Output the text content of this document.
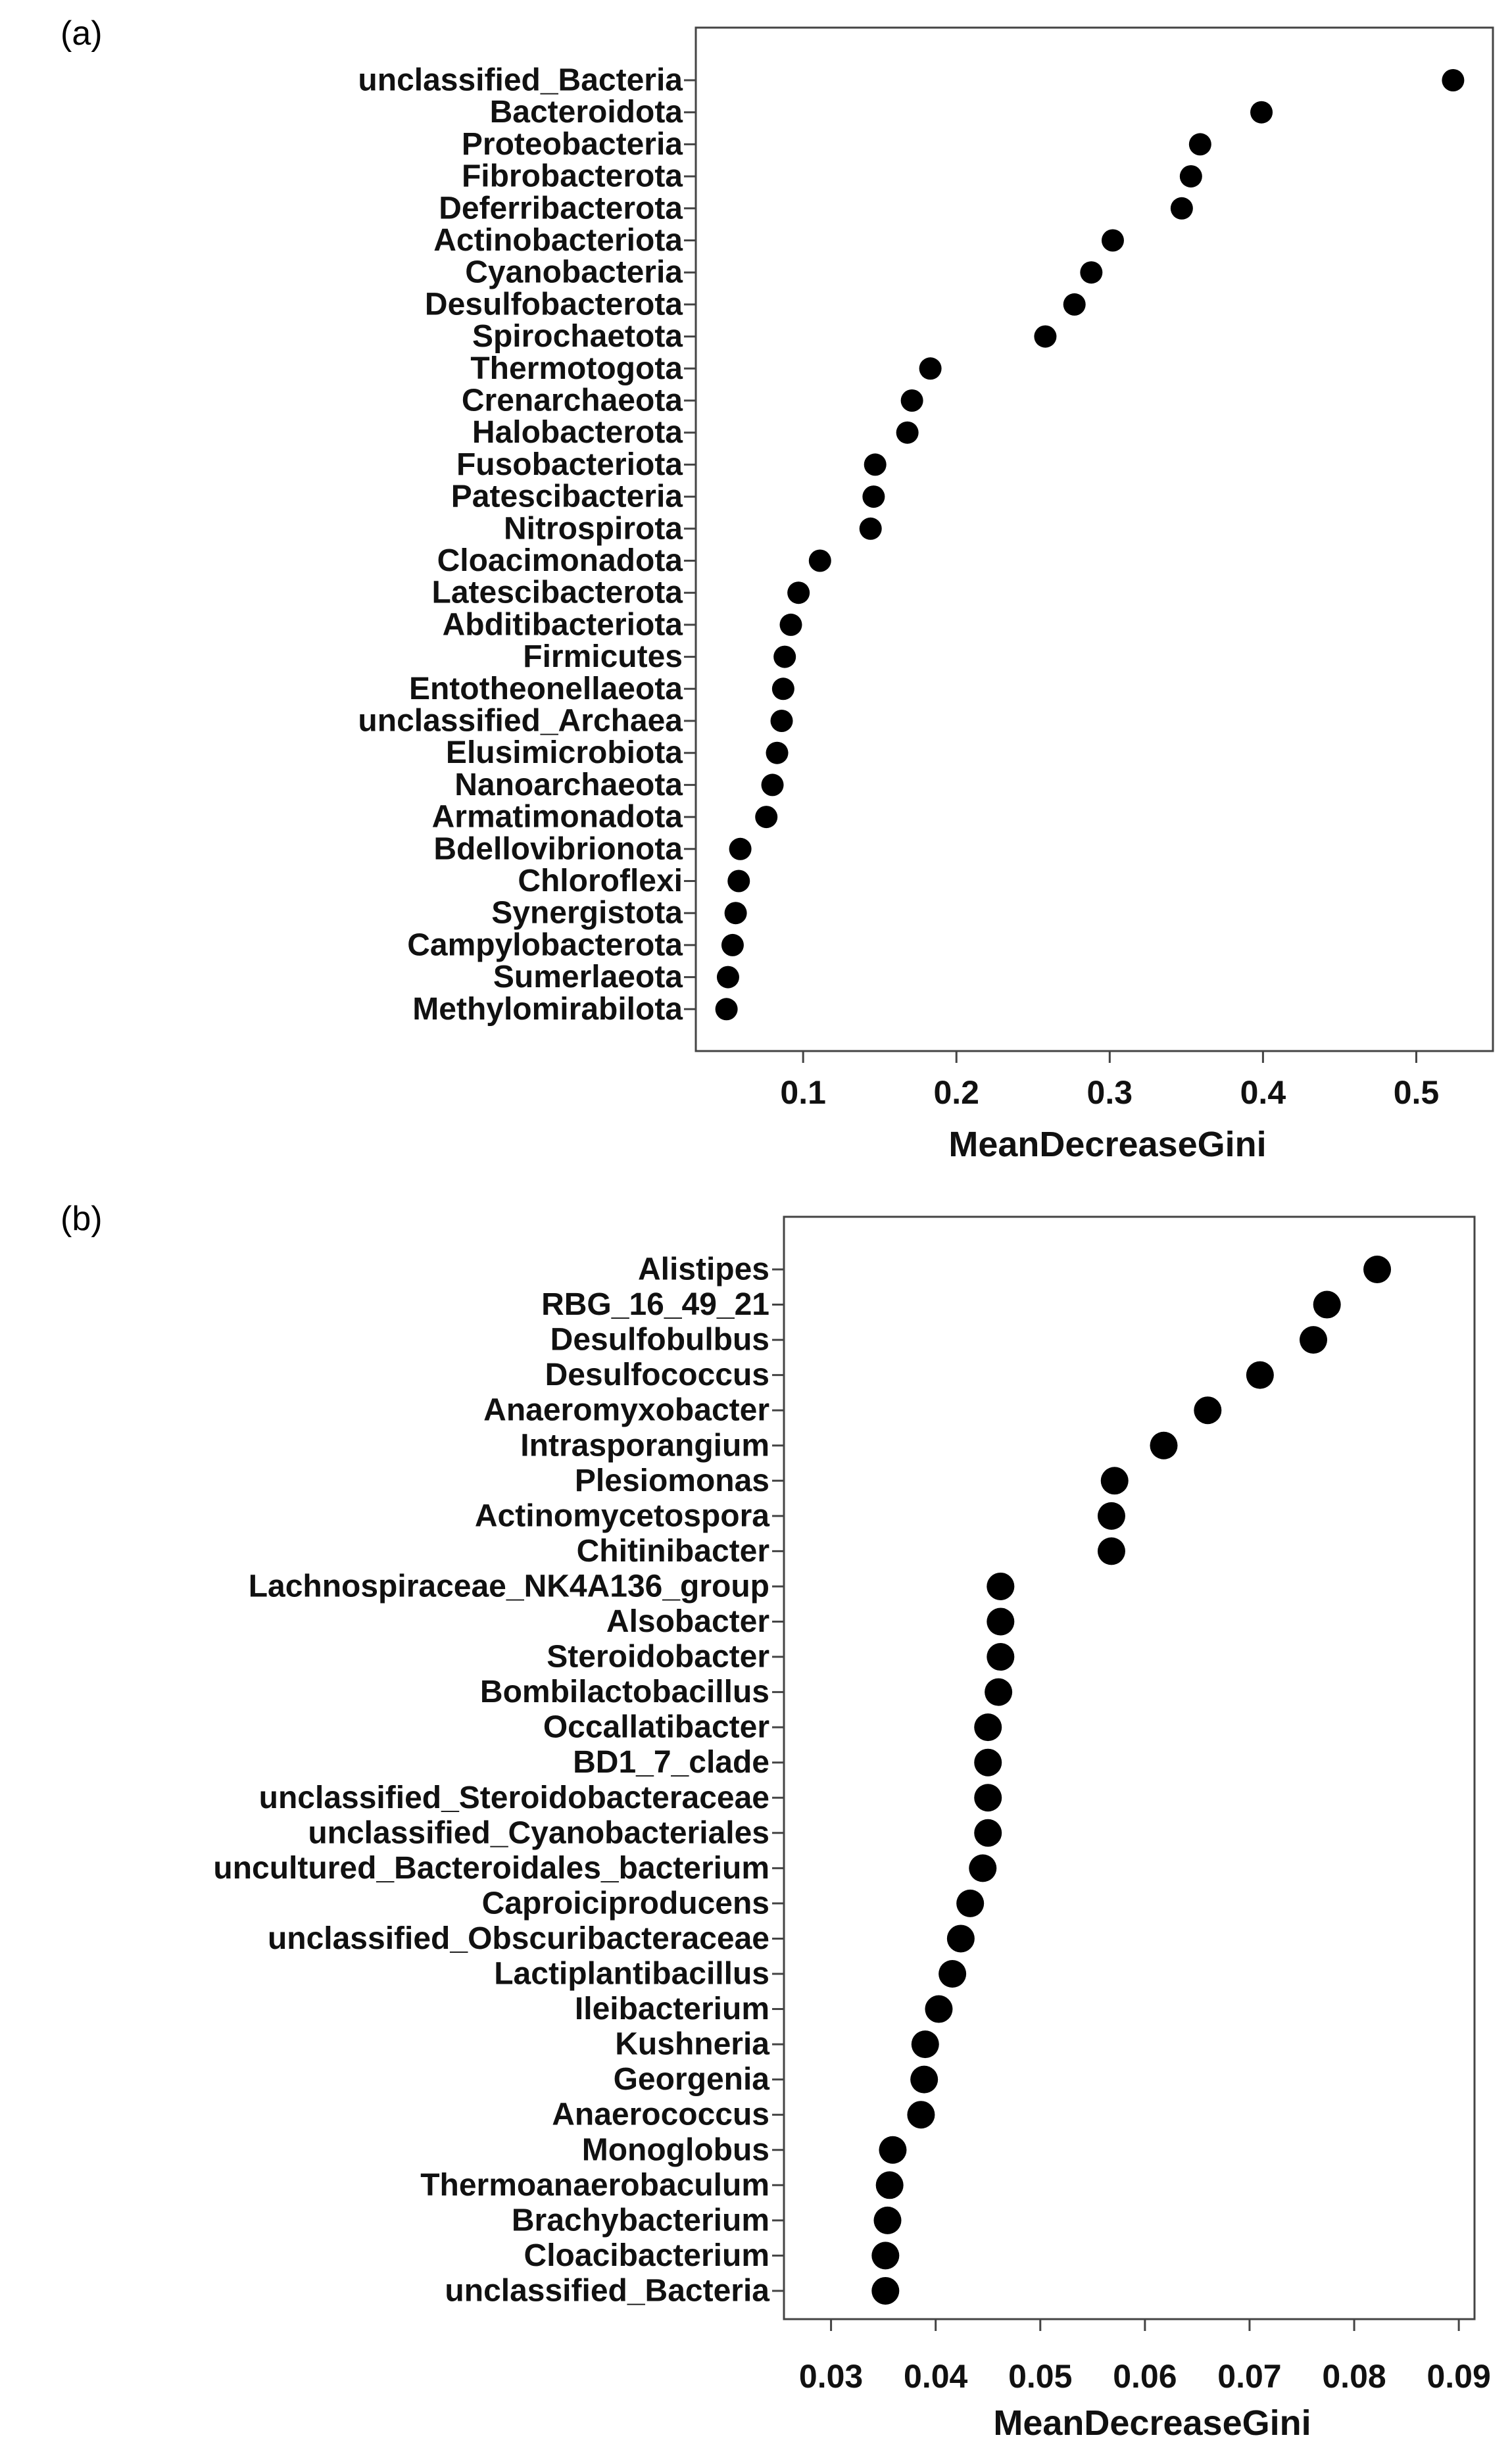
(a)
unclassified_Bacteria
Bacteroidota
Proteobacteria
Fibrobacterota
Deferribacterota
Actinobacteriota
Cyanobacteria
Desulfobacterota
Spirochaetota
Thermotogota
Crenarchaeota
Halobacterota
Fusobacteriota
Patescibacteria
Nitrospirota
Cloacimonadota
Latescibacterota
Abditibacteriota
Firmicutes
Entotheonellaeota
unclassified_Archaea
Elusimicrobiota
Nanoarchaeota
Armatimonadota
Bdellovibrionota
Chloroflexi
Synergistota
Campylobacterota
Sumerlaeota
Methylomirabilota
0.1	0.2	0.3	0.4	0.5
MeanDecreaseGini
(b)
Alistipes
RBG_16_49_21
Desulfobulbus
Desulfococcus
Anaeromyxobacter
Intrasporangium
Plesiomonas
Actinomycetospora
Chitinibacter
Lachnospiraceae_NK4A136_group
Alsobacter
Steroidobacter
Bombilactobacillus
Occallatibacter
BD1_7_clade
unclassified_Steroidobacteraceae
unclassified_Cyanobacteriales
uncultured_Bacteroidales_bacterium
Caproiciproducens
unclassified_Obscuribacteraceae
Lactiplantibacillus
Ileibacterium
Kushneria
Georgenia
Anaerococcus
Monoglobus
Thermoanaerobaculum
Brachybacterium
Cloacibacterium
unclassified_Bacteria
0.03 0.04 0.05 0.06 0.07 0.08 0.09
MeanDecreaseGini
